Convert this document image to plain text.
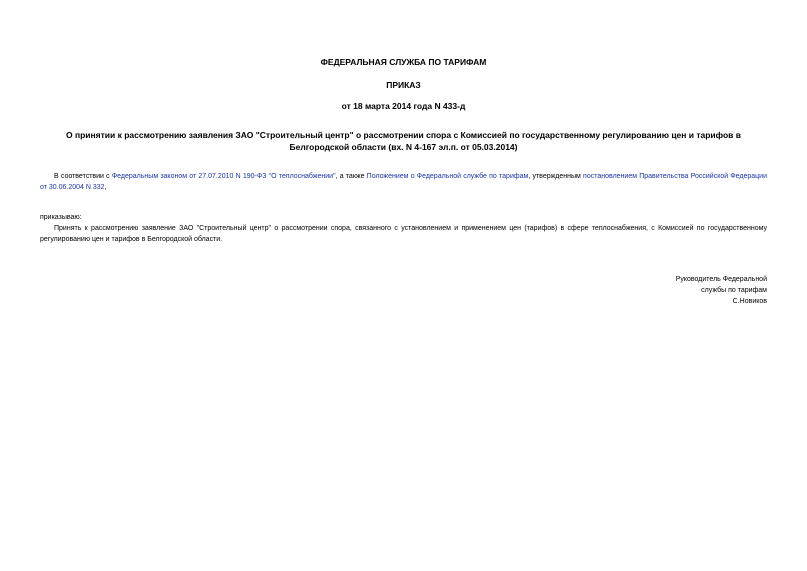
ФЕДЕРАЛЬНАЯ СЛУЖБА ПО ТАРИФАМ
ПРИКАЗ
от 18 марта 2014 года N 433-д
О принятии к рассмотрению заявления ЗАО "Строительный центр" о рассмотрении спора с Комиссией по государственному регулированию цен и тарифов в Белгородской области (вх. N 4-167 эл.п. от 05.03.2014)
В соответствии с Федеральным законом от 27.07.2010 N 190-ФЗ "О теплоснабжении", а также Положением о Федеральной службе по тарифам, утвержденным постановлением Правительства Российской Федерации от 30.06.2004 N 332,
приказываю:
Принять к рассмотрению заявление ЗАО "Строительный центр" о рассмотрении спора, связанного с установлением и применением цен (тарифов) в сфере теплоснабжения, с Комиссией по государственному регулированию цен и тарифов в Белгородской области.
Руководитель Федеральной
службы по тарифам
С.Новиков
